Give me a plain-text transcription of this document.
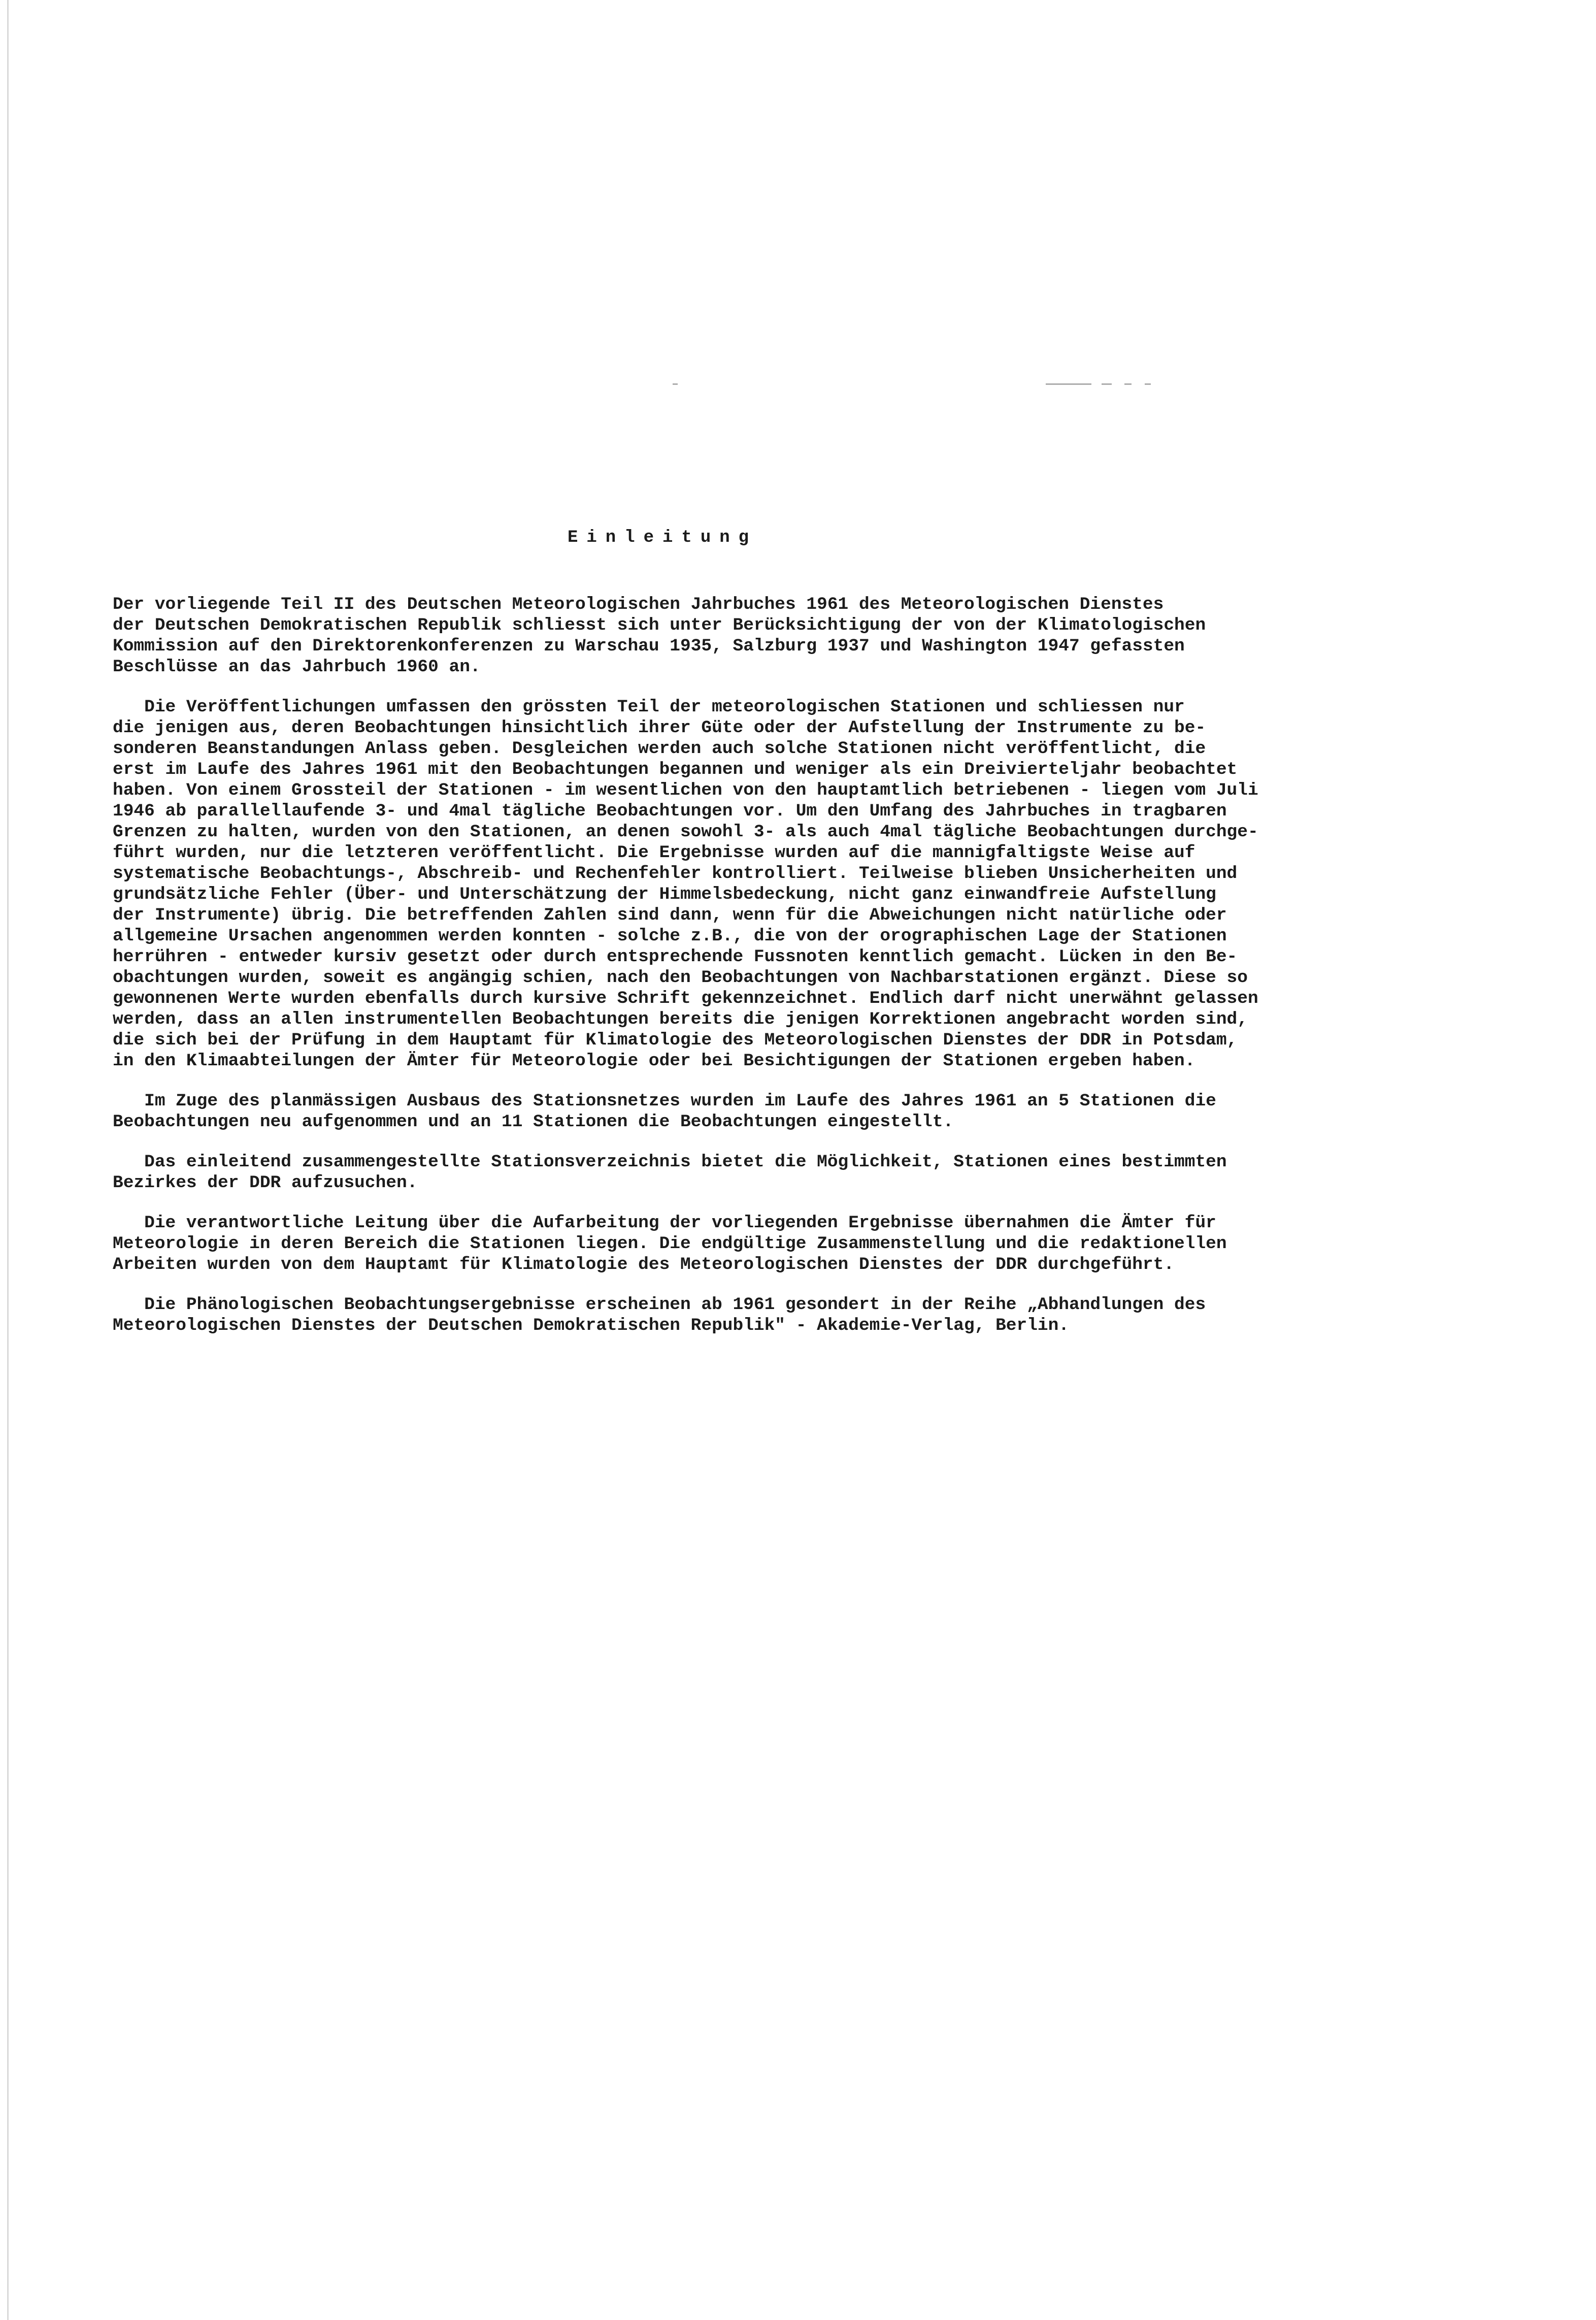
Einleitung
Der vorliegende Teil II des Deutschen Meteorologischen Jahrbuches 1961 des Meteorologischen Dienstes
der Deutschen Demokratischen Republik schliesst sich unter Berücksichtigung der von der Klimatologischen
Kommission auf den Direktorenkonferenzen zu Warschau 1935, Salzburg 1937 und Washington 1947 gefassten
Beschlüsse an das Jahrbuch 1960 an.
Die Veröffentlichungen umfassen den grössten Teil der meteorologischen Stationen und schliessen nur
die jenigen aus, deren Beobachtungen hinsichtlich ihrer Güte oder der Aufstellung der Instrumente zu be-
sonderen Beanstandungen Anlass geben. Desgleichen werden auch solche Stationen nicht veröffentlicht, die
erst im Laufe des Jahres 1961 mit den Beobachtungen begannen und weniger als ein Dreivierteljahr beobachtet
haben. Von einem Grossteil der Stationen - im wesentlichen von den hauptamtlich betriebenen - liegen vom Juli
1946 ab parallellaufende 3- und 4mal tägliche Beobachtungen vor. Um den Umfang des Jahrbuches in tragbaren
Grenzen zu halten, wurden von den Stationen, an denen sowohl 3- als auch 4mal tägliche Beobachtungen durchge-
führt wurden, nur die letzteren veröffentlicht. Die Ergebnisse wurden auf die mannigfaltigste Weise auf
systematische Beobachtungs-, Abschreib- und Rechenfehler kontrolliert. Teilweise blieben Unsicherheiten und
grundsätzliche Fehler (Über- und Unterschätzung der Himmelsbedeckung, nicht ganz einwandfreie Aufstellung
der Instrumente) übrig. Die betreffenden Zahlen sind dann, wenn für die Abweichungen nicht natürliche oder
allgemeine Ursachen angenommen werden konnten - solche z.B., die von der orographischen Lage der Stationen
herrühren - entweder kursiv gesetzt oder durch entsprechende Fussnoten kenntlich gemacht. Lücken in den Be-
obachtungen wurden, soweit es angängig schien, nach den Beobachtungen von Nachbarstationen ergänzt. Diese so
gewonnenen Werte wurden ebenfalls durch kursive Schrift gekennzeichnet. Endlich darf nicht unerwähnt gelassen
werden, dass an allen instrumentellen Beobachtungen bereits die jenigen Korrektionen angebracht worden sind,
die sich bei der Prüfung in dem Hauptamt für Klimatologie des Meteorologischen Dienstes der DDR in Potsdam,
in den Klimaabteilungen der Ämter für Meteorologie oder bei Besichtigungen der Stationen ergeben haben.
Im Zuge des planmässigen Ausbaus des Stationsnetzes wurden im Laufe des Jahres 1961 an 5 Stationen die
Beobachtungen neu aufgenommen und an 11 Stationen die Beobachtungen eingestellt.
Das einleitend zusammengestellte Stationsverzeichnis bietet die Möglichkeit, Stationen eines bestimmten
Bezirkes der DDR aufzusuchen.
Die verantwortliche Leitung über die Aufarbeitung der vorliegenden Ergebnisse übernahmen die Ämter für
Meteorologie in deren Bereich die Stationen liegen. Die endgültige Zusammenstellung und die redaktionellen
Arbeiten wurden von dem Hauptamt für Klimatologie des Meteorologischen Dienstes der DDR durchgeführt.
Die Phänologischen Beobachtungsergebnisse erscheinen ab 1961 gesondert in der Reihe „Abhandlungen des
Meteorologischen Dienstes der Deutschen Demokratischen Republik" - Akademie-Verlag, Berlin.
